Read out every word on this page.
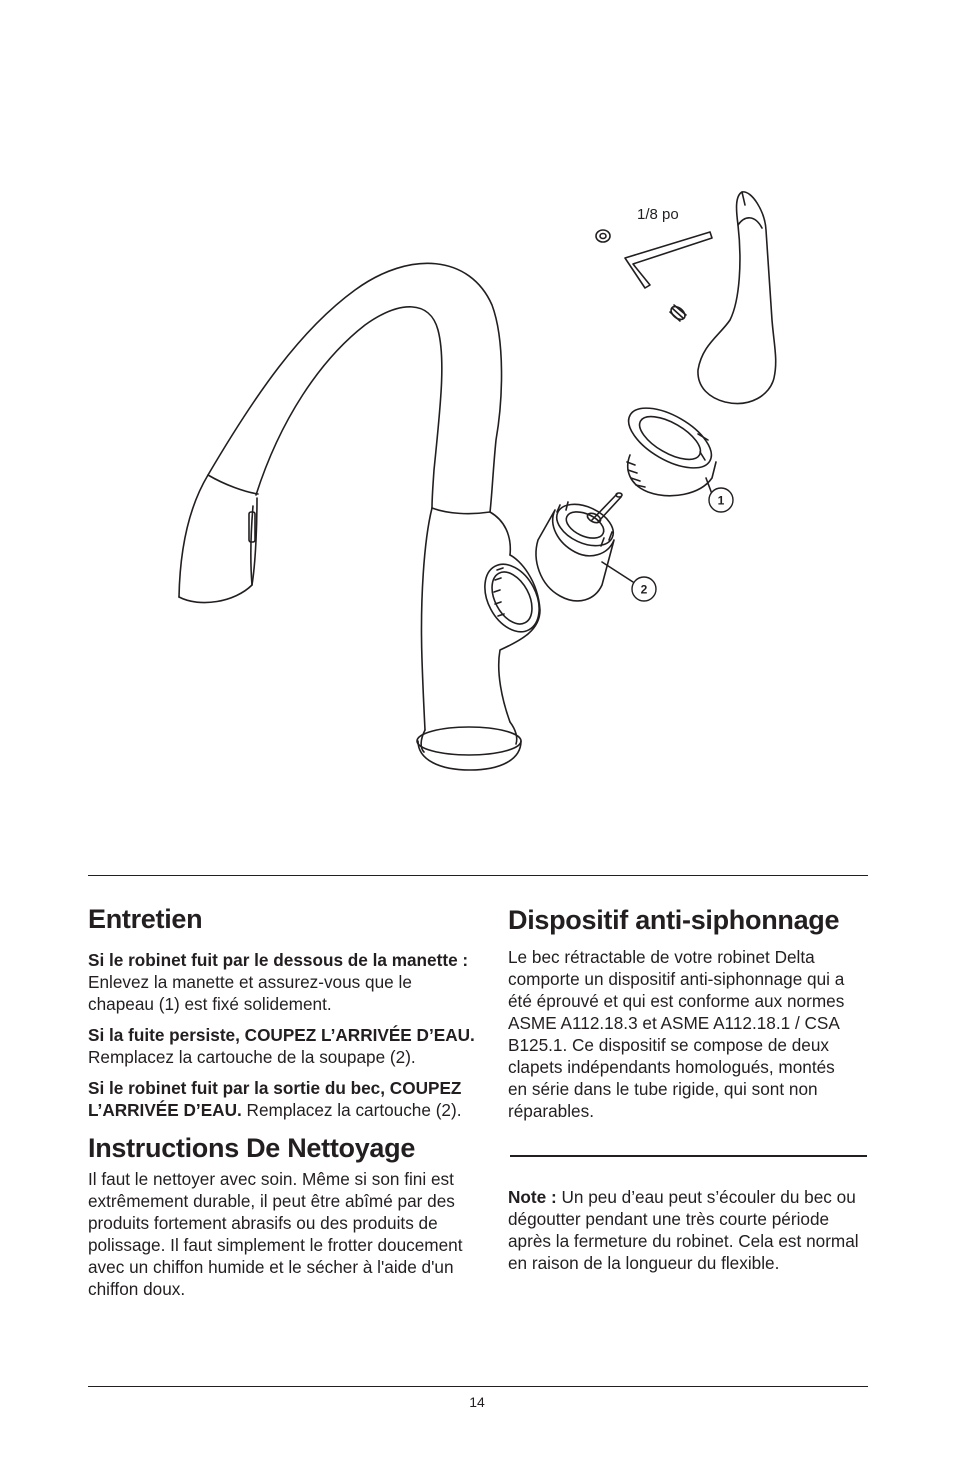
1/8 po
1
2
Entretien

Si le robinet fuit par le dessous de la manette :
Enlevez la manette et assurez-vous que le chapeau (1) est fixé solidement.

Si la fuite persiste, COUPEZ L’ARRIVÉE D’EAU. Remplacez la cartouche de la soupape (2).

Si le robinet fuit par la sortie du bec, COUPEZ L’ARRIVÉE D’EAU. Remplacez la cartouche (2).

Instructions De Nettoyage

Il faut le nettoyer avec soin. Même si son fini est extrêmement durable, il peut être abîmé par des produits fortement abrasifs ou des produits de polissage. Il faut simplement le frotter doucement avec un chiffon humide et le sécher à l'aide d'un chiffon doux.

Dispositif anti-siphonnage

Le bec rétractable de votre robinet Delta comporte un dispositif anti-siphonnage qui a été éprouvé et qui est conforme aux normes ASME A112.18.3 et ASME A112.18.1 / CSA B125.1. Ce dispositif se compose de deux clapets indépendants homologués, montés en série dans le tube rigide, qui sont non réparables.

Note : Un peu d’eau peut s’écouler du bec ou dégoutter pendant une très courte période après la fermeture du robinet. Cela est normal en raison de la longueur du flexible.

14
